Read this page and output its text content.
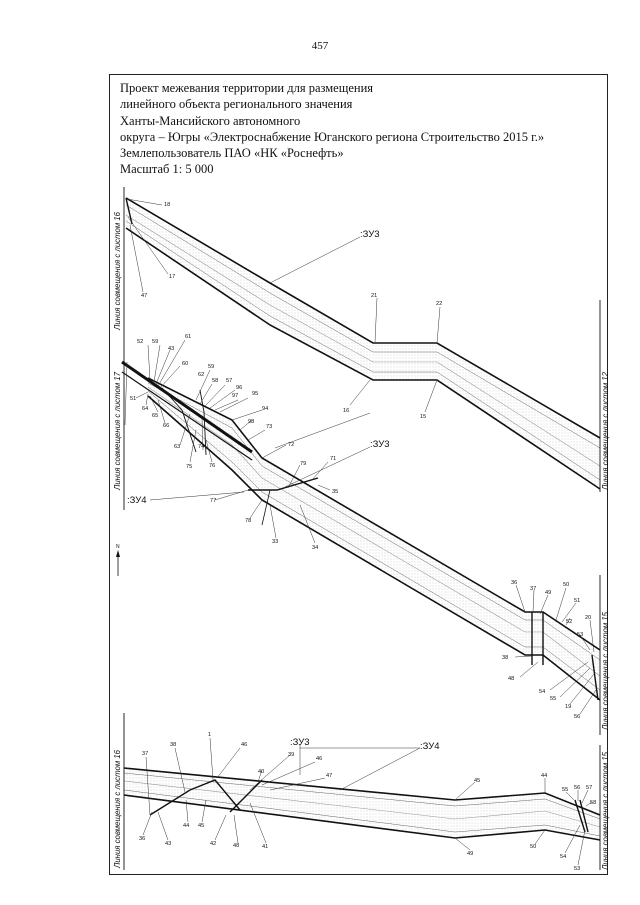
457
Проект межевания территории для размещения
линейного объекта регионального значения
Ханты-Мансийского автономного
округа – Югры «Электроснабжение Юганского региона Строительство 2015 г.»
Землепользователь ПАО «НК «Роснефть»
Масштаб 1: 5 000
18
17
47	21
22
16
15
:ЗУ3
52 59
43
61
60	59
62
58 57
96
97 95
94
98
73
72
51
64
65
66
63	74
75	76	79
71
35
77
78
33
34
:ЗУ3
:ЗУ4
36
37
49
50
51
52
20
53
38
48
54
55
19
56
N
37
38
1
46
39
40
46
47
44 45
36
43	42	48	41
45
44
55 56 57
58
49
50
54
53
:ЗУ3	:ЗУ4
Линия совмещения с листом 16
Линия совмещения с листом 17	Линия совмещения с листом 12
Линия совмещения с листом 15
Линия совмещения с листом 16	Линия совмещения с листом 15
